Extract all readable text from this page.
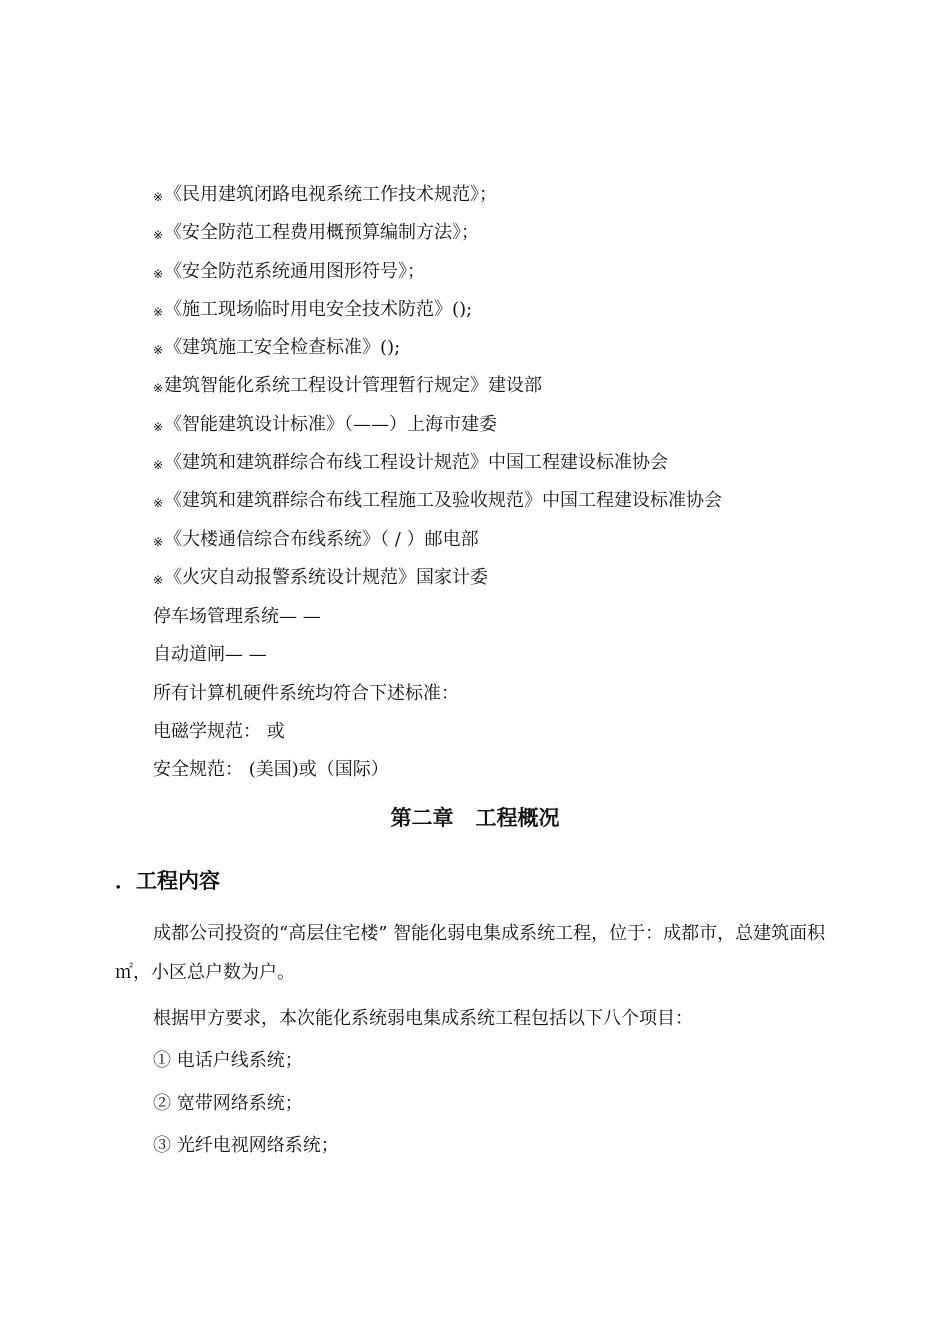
※《民用建筑闭路电视系统工作技术规范》；
※《安全防范工程费用概预算编制方法》；
※《安全防范系统通用图形符号》；
※《施工现场临时用电安全技术防范》();
※《建筑施工安全检查标准》();
※建筑智能化系统工程设计管理暂行规定》建设部
※《智能建筑设计标准》（——）上海市建委
※《建筑和建筑群综合布线工程设计规范》中国工程建设标准协会
※《建筑和建筑群综合布线工程施工及验收规范》中国工程建设标准协会
※《大楼通信综合布线系统》（ / ）邮电部
※《火灾自动报警系统设计规范》国家计委
停车场管理系统— —
自动道闸— —
所有计算机硬件系统均符合下述标准：
电磁学规范： 或
安全规范： (美国)或（国际）
第二章   工程概况
．工程内容

成都公司投资的“高层住宅楼” 智能化弱电集成系统工程，位于：成都市，总建筑面积㎡，小区总户数为户。

根据甲方要求，本次能化系统弱电集成系统工程包括以下八个项目：

① 电话户线系统；
② 宽带网络系统；
③ 光纤电视网络系统；
